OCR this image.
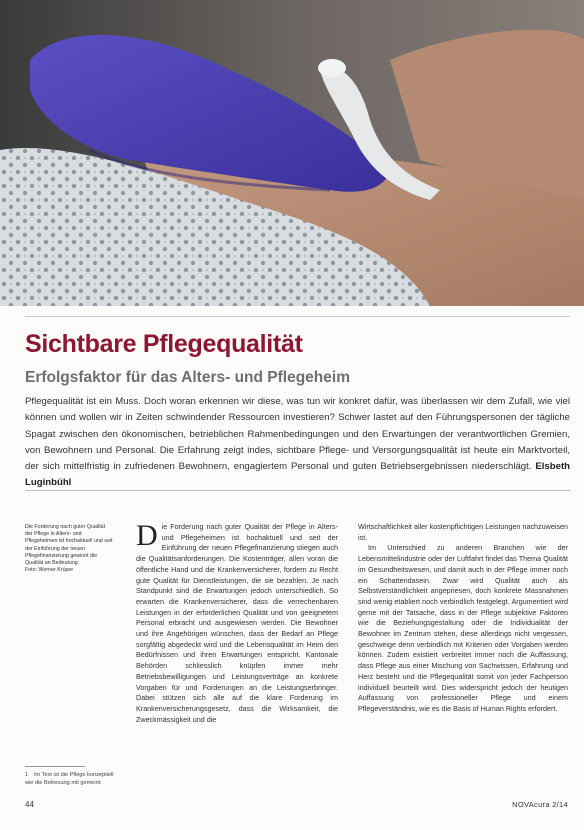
Sichtbare Pflegequalität
Erfolgsfaktor für das Alters- und Pflegeheim
Pflegequalität ist ein Muss. Doch woran erkennen wir diese, was tun wir konkret dafür, was überlassen wir dem Zufall, wie viel können und wollen wir in Zeiten schwindender Ressourcen investieren? Schwer lastet auf den Führungspersonen der tägliche Spagat zwischen den ökonomischen, betrieblichen Rahmenbedingungen und den Erwartungen der verantwortlichen Gremien, von Bewohnern und Personal. Die Erfahrung zeigt indes, sichtbare Pflege- und Versorgungsqualität ist heute ein Marktvorteil, der sich mittelfristig in zufriedenen Bewohnern, engagiertem Personal und guten Betriebsergebnissen niederschlägt. Elsbeth Luginbühl
Die Forderung nach guter Qualität der Pflege in Alters- und Pflegeheimen ist hochaktuell und seit der Einführung der neuen Pflegefinanzierung gewinnt die Qualität an Bedeutung.
Foto: Werner Krüper

Die Forderung nach guter Qualität der Pflege in Alters- und Pflegeheimen ist hochaktuell und seit der Einführung der neuen Pflegefinanzierung stiegen auch die Qualitätsanforderungen. Die Kostenträger, allen voran die öffentliche Hand und die Krankenversicherer, fordern zu Recht gute Qualität für Dienstleistungen, die sie bezahlen. Je nach Standpunkt sind die Erwartungen jedoch unterschiedlich. So erwarten die Krankenversicherer, dass die verrechenbaren Leistungen in der erforderlichen Qualität und von geeignetem Personal erbracht und ausgewiesen werden. Die Bewohner und ihre Angehörigen wünschen, dass der Bedarf an Pflege sorgfältig abgedeckt wird und die Lebensqualität im Heim den Bedürfnissen und ihren Erwartungen entspricht. Kantonale Behörden schliesslich knüpfen immer mehr Betriebsbewilligungen und Leistungsverträge an konkrete Vorgaben für und Forderungen an die Leistungserbringer. Dabei stützen sich alle auf die klare Forderung im Krankenversicherungsgesetz, dass die Wirksamkeit, die Zweckmässigkeit und die

Wirtschaftlichkeit aller kostenpflichtigen Leistungen nachzuweisen ist.

Im Unterschied zu anderen Branchen wie der Lebensmittelindustrie oder der Luftfahrt findet das Thema Qualität im Gesundheitswesen, und damit auch in der Pflege immer noch ein Schattendasein. Zwar wird Qualität auch als Selbstverständlichkeit angepriesen, doch konkrete Massnahmen sind wenig etabliert noch verbindlich festgelegt. Argumentiert wird gerne mit der Tatsache, dass in der Pflege subjektive Faktoren wie die Beziehungsgestaltung oder die Individualität der Bewohner im Zentrum stehen, diese allerdings nicht vergessen, geschweige denn verbindlich mit Kriterien oder Vorgaben werden können. Zudem existiert verbreitet immer noch die Auffassung, dass Pflege aus einer Mischung von Sachwissen, Erfahrung und Herz besteht und die Pflegequalität somit von jeder Fachperson individuell beurteilt wird. Dies widerspricht jedoch der heutigen Auffassung von professioneller Pflege und einem Pflegeverständnis, wie es die Basis of Human Rights erfordert.

1 Im Text ist die Pflege konzeptiell wie die Betreuung mit gemeint.
44	NOVAcura 2/14
